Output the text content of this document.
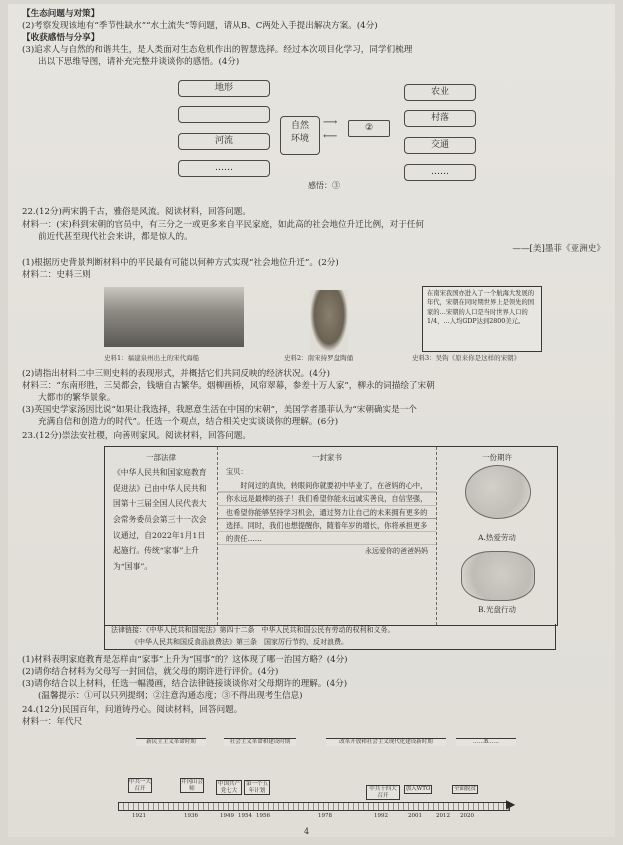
【生态问题与对策】
(2)考察发现该地有“季节性缺水”“水土流失”等问题，请从B、C两处入手提出解决方案。(4分)
【收获感悟与分享】
(3)追求人与自然的和谐共生，是人类面对生态危机作出的智慧选择。经过本次项目化学习，同学们梳理
出以下思维导图，请补充完整并谈谈你的感悟。(4分)
地形
河流
……
自然
环境
⟶
⟵
②
农业
村落
交通
……
感悟：③
22.(12分)两宋鹊千古，雅俗是风流。阅读材料，回答问题。
材料一：(宋)科到宋朝的官员中，有三分之一或更多来自平民家庭，如此高的社会地位升迁比例，对于任何
前近代甚至现代社会来讲，都是惊人的。
——[美]墨菲《亚洲史》
(1)根据历史背景判断材料中的平民最有可能以何种方式实现“社会地位升迁”。(2分)
材料二：史料三则
在南宋我国亦进入了一个航海大发展的年代，宋朝在同时期世界上是领先的国家的…宋朝的人口是当时世界人口的1/4，…人均GDP达到2800美元。
史料1：福建泉州出土的宋代海船	史料2：南宋持罗盘陶俑	史料3：吴钩《原来你是这样的宋朝》
(2)请指出材料二中三则史料的表现形式，并概括它们共同反映的经济状况。(4分)
材料三：“东南形胜，三吴都会，钱塘自古繁华。烟柳画桥，风帘翠幕，参差十万人家”，柳永的词描绘了宋朝
大都市的繁华景象。
(3)英国史学家汤因比说“如果让我选择，我愿意生活在中国的宋朝”，美国学者墨菲认为“宋朝确实是一个
充满自信和创造力的时代”。任选一个观点，结合相关史实谈谈你的理解。(6分)
23.(12分)崇法安社稷，向善则家风。阅读材料，回答问题。
一部法律
《中华人民共和国家庭教育促进法》已由中华人民共和国第十三届全国人民代表大会常务委员会第三十一次会议通过，自2022年1月1日起施行。传统“家事”上升为“国事”。
一封家书
宝贝：
　　时间过的真快，转眼间你就要初中毕业了，在爸妈的心中，你永远是最棒的孩子！我们希望你能永远诚实善良，自信坚强，也希望你能够坚持学习机会，通过努力让自己的未来拥有更多的选择。同时，我们也想提醒你，随着年岁的增长，你将承担更多的责任……
永远爱你的爸爸妈妈
一份期许
A.热爱劳动
B.光盘行动
法律链接：《中华人民共和国宪法》第四十二条　中华人民共和国公民有劳动的权利和义务。
《中华人民共和国反食品浪费法》第三条　国家厉行节约，反对浪费。
(1)材料表明家庭教育是怎样由“家事”上升为“国事”的？这体现了哪一治国方略？(4分)
(2)请你结合材料为父母写一封回信，就父母的期许进行评价。(4分)
(3)请你结合以上材料，任选一幅漫画，结合法律链接谈谈你对父母期许的理解。(4分)
(温馨提示：①可以只列提纲；②注意沟通态度；③不得出现考生信息)
24.(12分)民国百年，问道铸丹心。阅读材料，回答问题。
材料一：年代尺
新民主主义革命时期	社会主义革命和建设时期	改革开放和社会主义现代化建设新时期	……B……
中共一大召开
井冈山会师
中国共产党七大
第一个五年计划	中共十四大召开
加入WTO	全面脱贫
▶
1921	1936	1949 1954 1956	1978	1992	2001	2012 2020
4
